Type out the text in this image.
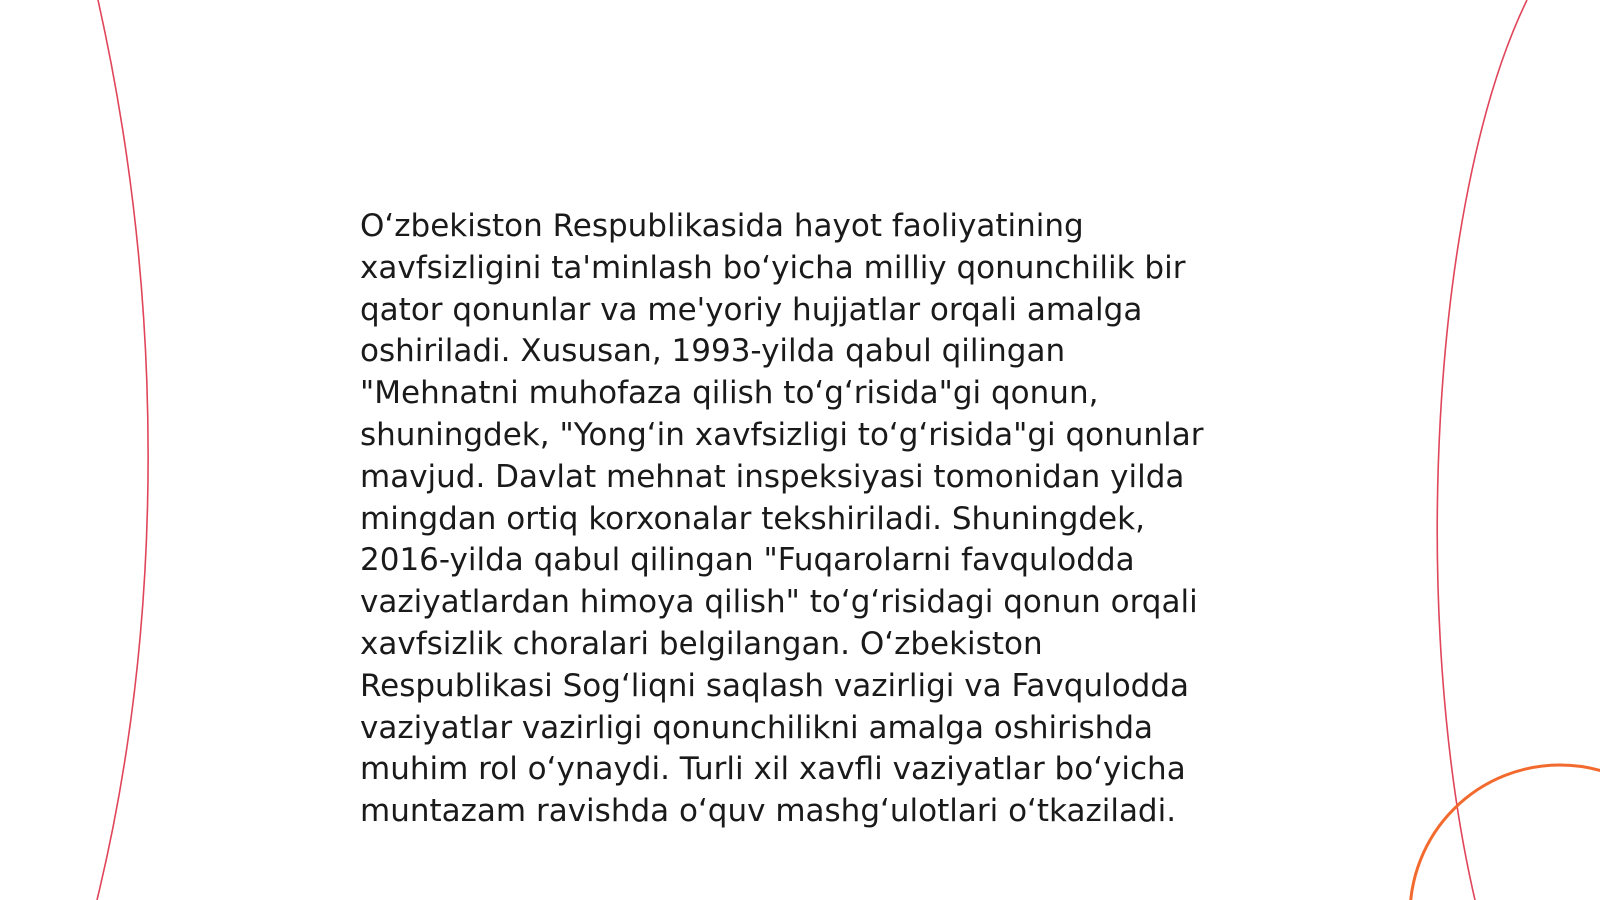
O‘zbekiston Respublikasida hayot faoliyatining
xavfsizligini ta'minlash bo‘yicha milliy qonunchilik bir
qator qonunlar va me'yoriy hujjatlar orqali amalga
oshiriladi. Xususan, 1993-yilda qabul qilingan
"Mehnatni muhofaza qilish to‘g‘risida"gi qonun,
shuningdek, "Yong‘in xavfsizligi to‘g‘risida"gi qonunlar
mavjud. Davlat mehnat inspeksiyasi tomonidan yilda
mingdan ortiq korxonalar tekshiriladi. Shuningdek,
2016-yilda qabul qilingan "Fuqarolarni favqulodda
vaziyatlardan himoya qilish" to‘g‘risidagi qonun orqali
xavfsizlik choralari belgilangan. O‘zbekiston
Respublikasi Sog‘liqni saqlash vazirligi va Favqulodda
vaziyatlar vazirligi qonunchilikni amalga oshirishda
muhim rol o‘ynaydi. Turli xil xavfli vaziyatlar bo‘yicha
muntazam ravishda o‘quv mashg‘ulotlari o‘tkaziladi.
